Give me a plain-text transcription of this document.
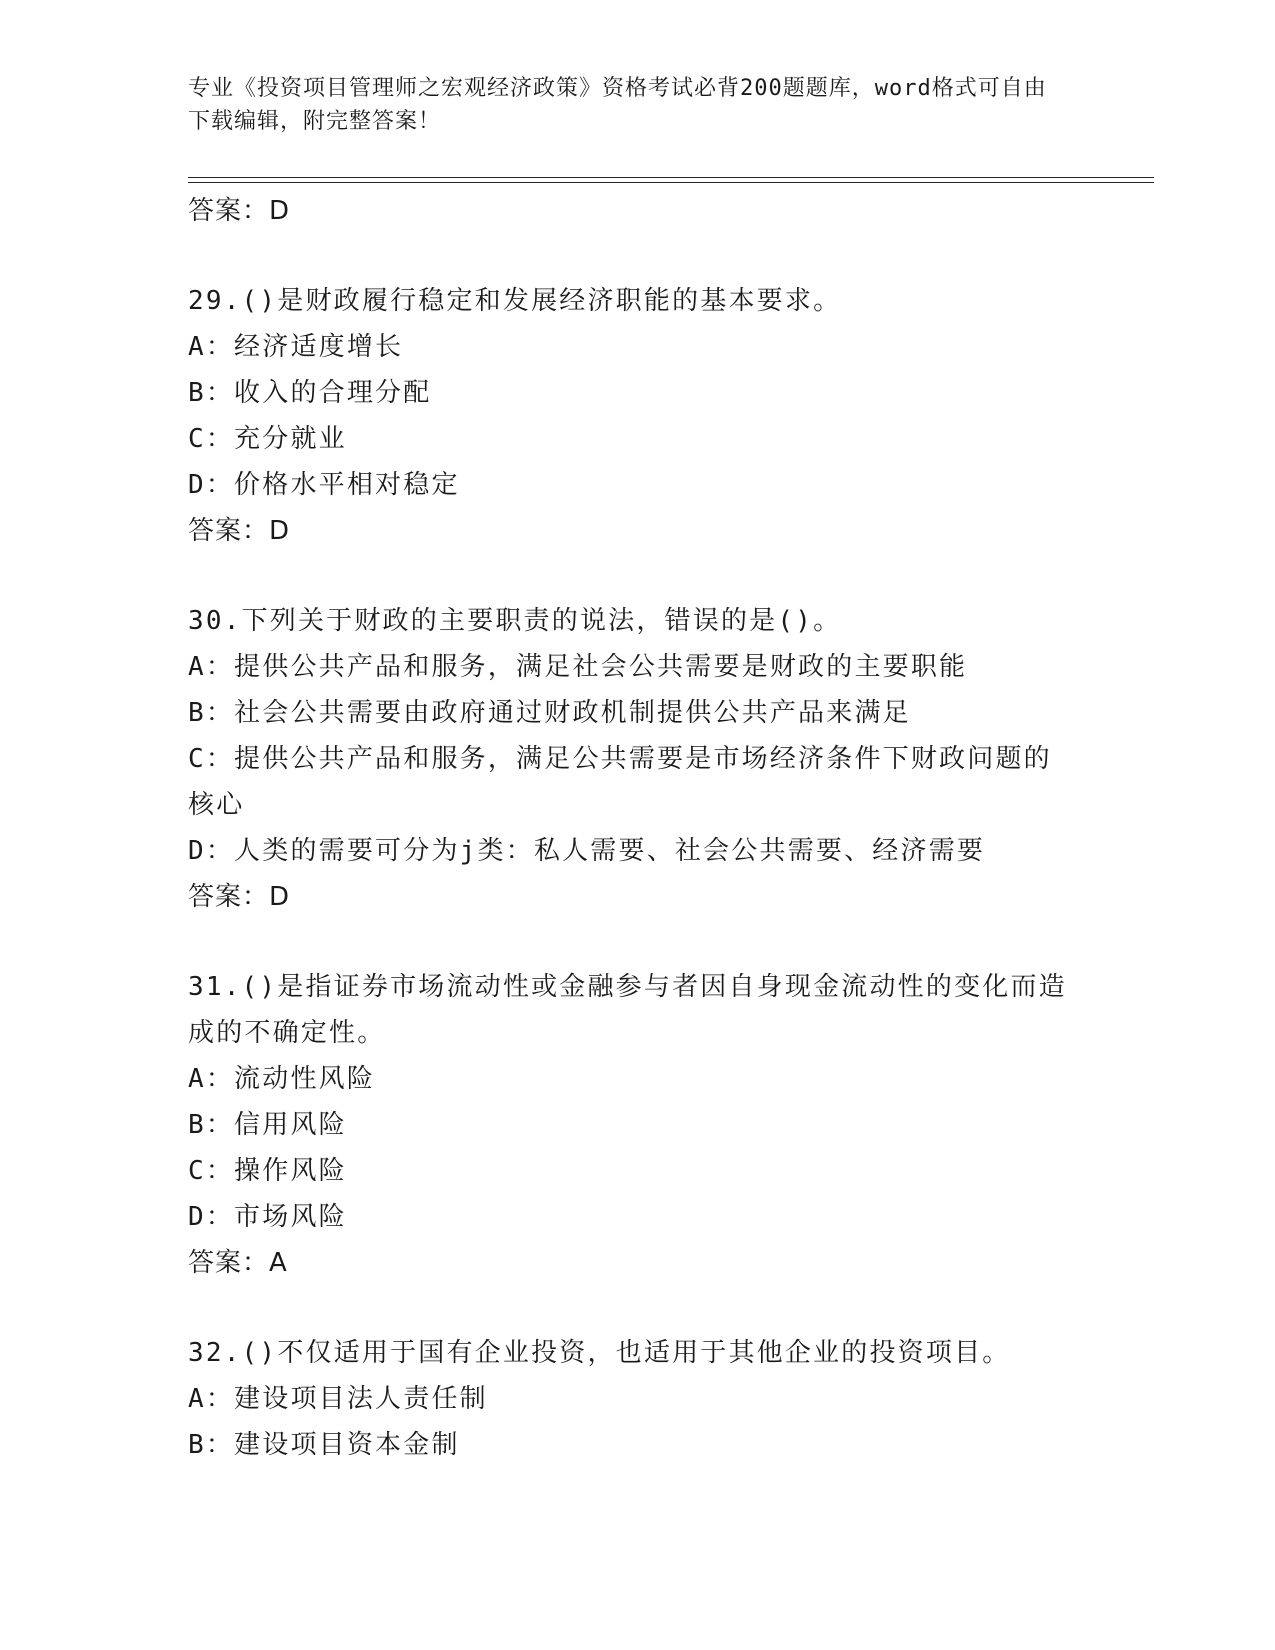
专业《投资项目管理师之宏观经济政策》资格考试必背200题题库，word格式可自由下载编辑，附完整答案！
答案：D
29.()是财政履行稳定和发展经济职能的基本要求。
A：经济适度增长
B：收入的合理分配
C：充分就业
D：价格水平相对稳定
答案：D
30.下列关于财政的主要职责的说法，错误的是()。
A：提供公共产品和服务，满足社会公共需要是财政的主要职能
B：社会公共需要由政府通过财政机制提供公共产品来满足
C：提供公共产品和服务，满足公共需要是市场经济条件下财政问题的
核心
D：人类的需要可分为j类：私人需要、社会公共需要、经济需要
答案：D
31.()是指证券市场流动性或金融参与者因自身现金流动性的变化而造
成的不确定性。
A：流动性风险
B：信用风险
C：操作风险
D：市场风险
答案：A
32.()不仅适用于国有企业投资，也适用于其他企业的投资项目。
A：建设项目法人责任制
B：建设项目资本金制
